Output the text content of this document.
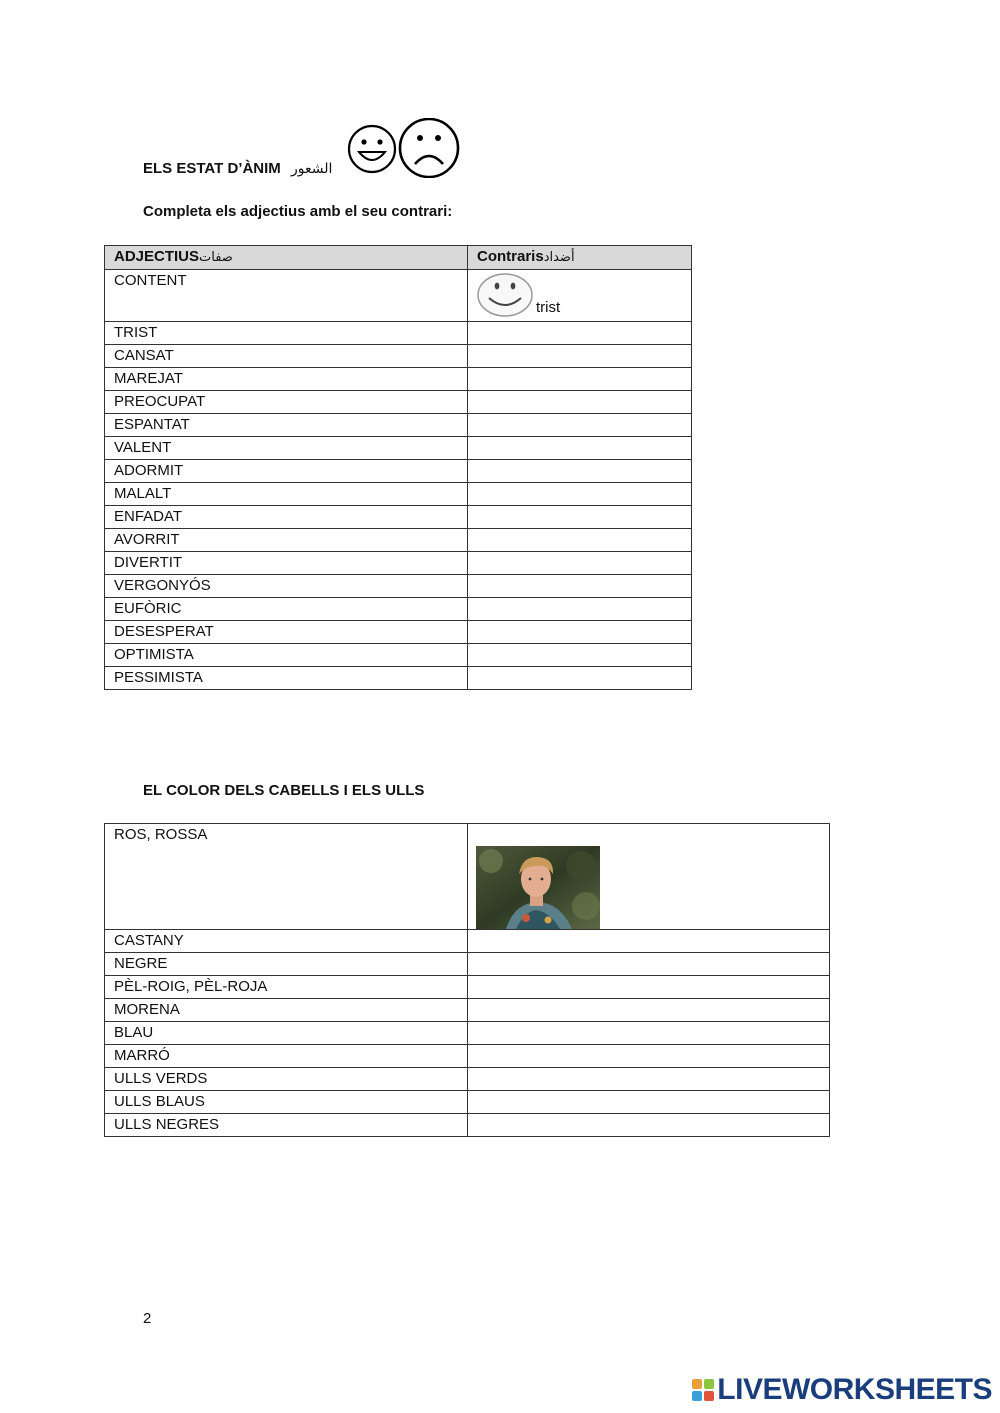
ELS ESTAT D’ÀNIM الشعور
Completa els adjectius amb el seu contrari:
ADJECTIUSصفات	Contrarisأضداد
CONTENT	trist

TRIST	
CANSAT	
MAREJAT	
PREOCUPAT	
ESPANTAT	
VALENT	
ADORMIT	
MALALT	
ENFADAT	
AVORRIT	
DIVERTIT	
VERGONYÓS	
EUFÒRIC	
DESESPERAT	
OPTIMISTA	
PESSIMISTA	
EL COLOR DELS CABELLS I ELS ULLS
ROS, ROSSA	

CASTANY	
NEGRE	
PÈL-ROIG, PÈL-ROJA	
MORENA	
BLAU	
MARRÓ	
ULLS VERDS	
ULLS BLAUS	
ULLS NEGRES	
2
LIVEWORKSHEETS
